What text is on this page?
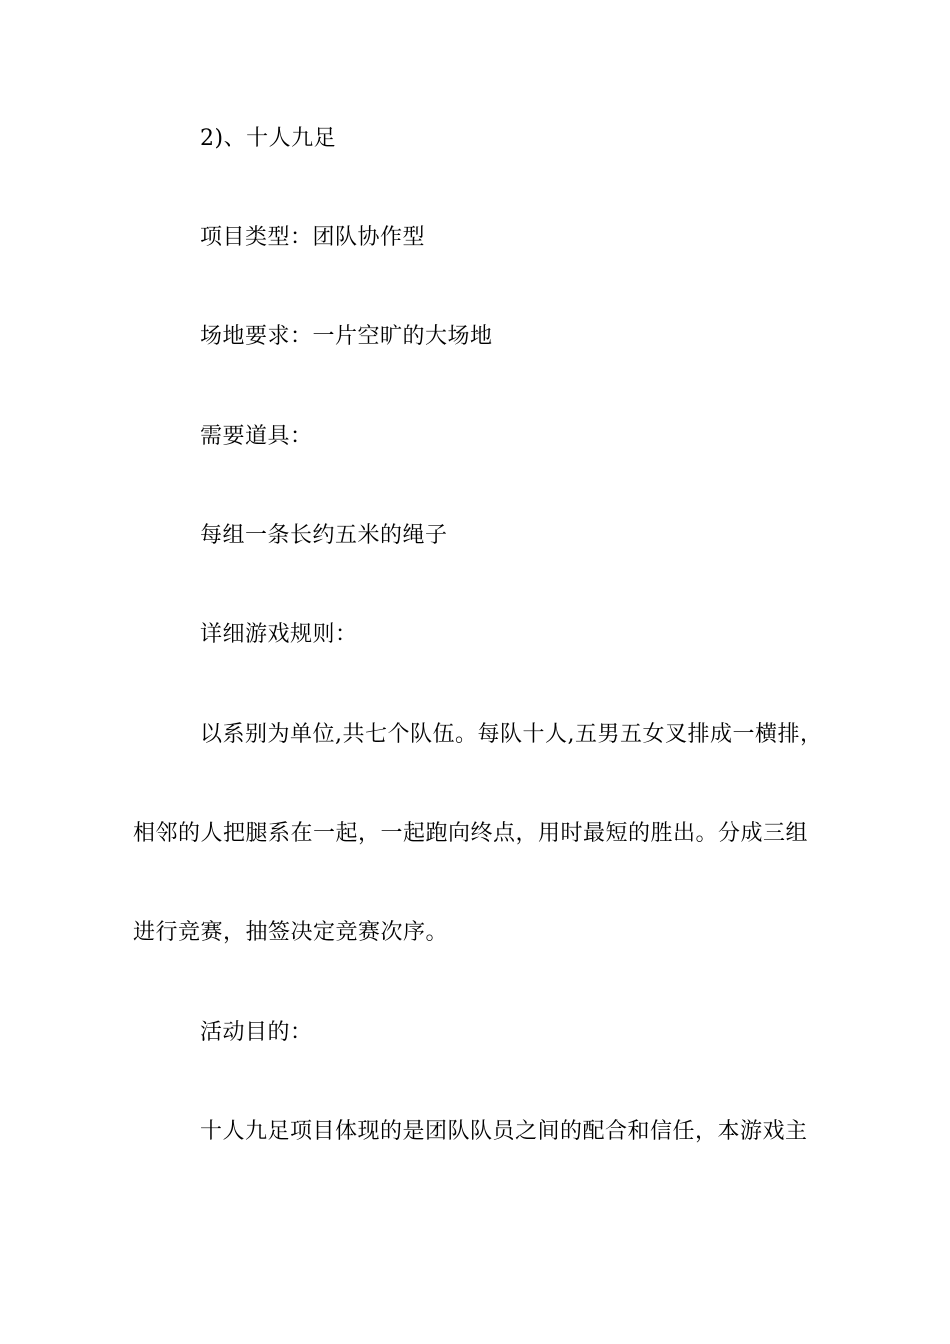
2)、十人九足
项目类型：团队协作型
场地要求：一片空旷的大场地
需要道具：
每组一条长约五米的绳子
详细游戏规则：
以系别为单位,共七个队伍。每队十人,五男五女叉排成一横排，
相邻的人把腿系在一起，一起跑向终点，用时最短的胜出。分成三组
进行竞赛，抽签决定竞赛次序。
活动目的：
十人九足项目体现的是团队队员之间的配合和信任，本游戏主
